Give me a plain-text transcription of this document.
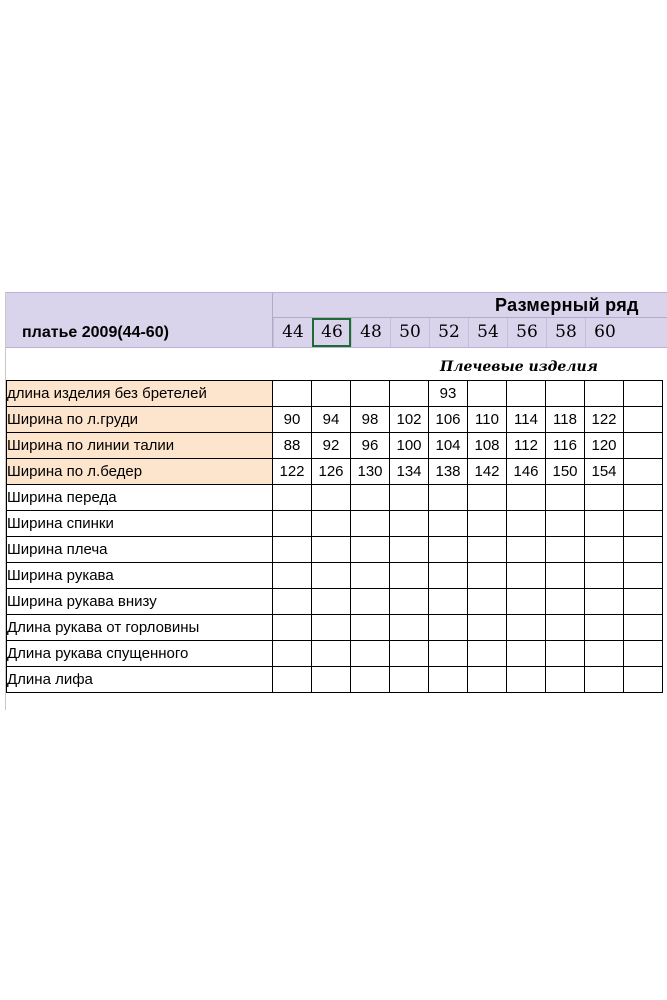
Размерный ряд
платье 2009(44-60)	44	46	48	50	52	54	56	58	60
Плечевые изделия
длина изделия без бретелей					93					
Ширина по л.груди	90	94	98	102	106	110	114	118	122	
Ширина по линии талии	88	92	96	100	104	108	112	116	120	
Ширина по л.бедер	122	126	130	134	138	142	146	150	154	
Ширина переда										
Ширина спинки										
Ширина плеча										
Ширина рукава										
Ширина рукава внизу										
Длина рукава от горловины										
Длина рукава спущенного										
Длина лифа										
